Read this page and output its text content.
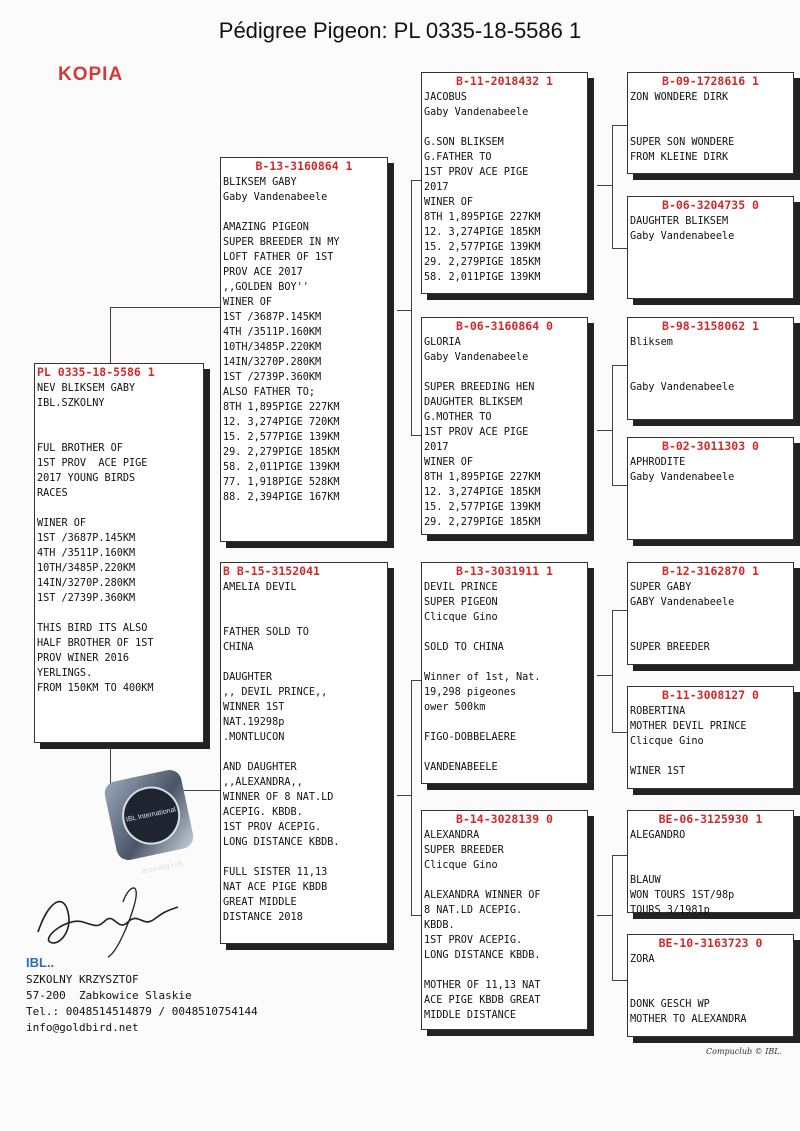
Pédigree Pigeon: PL 0335-18-5586 1
KOPIA
PL 0335-18-5586 1
NEV BLIKSEM GABY
IBL.SZKOLNY

FUL BROTHER OF
1ST PROV  ACE PIGE
2017 YOUNG BIRDS
RACES

WINER OF
1ST /3687P.145KM
4TH /3511P.160KM
10TH/3485P.220KM
14IN/3270P.280KM
1ST /2739P.360KM

THIS BIRD ITS ALSO
HALF BROTHER OF 1ST
PROV WINER 2016
YERLINGS.
FROM 150KM TO 400KM
B-13-3160864 1
BLIKSEM GABY
Gaby Vandenabeele

AMAZING PIGEON
SUPER BREEDER IN MY
LOFT FATHER OF 1ST
PROV ACE 2017
,,GOLDEN BOY''
WINER OF
1ST /3687P.145KM
4TH /3511P.160KM
10TH/3485P.220KM
14IN/3270P.280KM
1ST /2739P.360KM
ALSO FATHER TO;
8TH 1,895PIGE 227KM
12. 3,274PIGE 720KM
15. 2,577PIGE 139KM
29. 2,279PIGE 185KM
58. 2,011PIGE 139KM
77. 1,918PIGE 528KM
88. 2,394PIGE 167KM
B B-15-3152041
AMELIA DEVIL

FATHER SOLD TO
CHINA

DAUGHTER
,, DEVIL PRINCE,,
WINNER 1ST
NAT.19298p
.MONTLUCON

AND DAUGHTER
,,ALEXANDRA,,
WINNER OF 8 NAT.LD
ACEPIG. KBDB.
1ST PROV ACEPIG.
LONG DISTANCE KBDB.

FULL SISTER 11,13
NAT ACE PIGE KBDB
GREAT MIDDLE
DISTANCE 2018
B-11-2018432 1
JACOBUS
Gaby Vandenabeele

G.SON BLIKSEM
G.FATHER TO
1ST PROV ACE PIGE
2017
WINER OF
8TH 1,895PIGE 227KM
12. 3,274PIGE 185KM
15. 2,577PIGE 139KM
29. 2,279PIGE 185KM
58. 2,011PIGE 139KM
B-06-3160864 0
GLORIA
Gaby Vandenabeele

SUPER BREEDING HEN
DAUGHTER BLIKSEM
G.MOTHER TO
1ST PROV ACE PIGE
2017
WINER OF
8TH 1,895PIGE 227KM
12. 3,274PIGE 185KM
15. 2,577PIGE 139KM
29. 2,279PIGE 185KM
B-13-3031911 1
DEVIL PRINCE
SUPER PIGEON
Clicque Gino

SOLD TO CHINA

Winner of 1st, Nat.
19,298 pigeones
ower 500km

FIGO-DOBBELAERE

VANDENABEELE
B-14-3028139 0
ALEXANDRA
SUPER BREEDER
Clicque Gino

ALEXANDRA WINNER OF
8 NAT.LD ACEPIG.
KBDB.
1ST PROV ACEPIG.
LONG DISTANCE KBDB.

MOTHER OF 11,13 NAT
ACE PIGE KBDB GREAT
MIDDLE DISTANCE
B-09-1728616 1
ZON WONDERE DIRK

SUPER SON WONDERE
FROM KLEINE DIRK
B-06-3204735 0
DAUGHTER BLIKSEM
Gaby Vandenabeele
B-98-3158062 1
Bliksem

Gaby Vandenabeele
B-02-3011303 0
APHRODITE
Gaby Vandenabeele
B-12-3162870 1
SUPER GABY
GABY Vandenabeele

SUPER BREEDER
B-11-3008127 0
ROBERTINA
MOTHER DEVIL PRINCE
Clicque Gino

WINER 1ST
BE-06-3125930 1
ALEGANDRO

BLAUW
WON TOURS 1ST/98p
TOURS 3/1981p
BE-10-3163723 0
ZORA

DONK GESCH WP
MOTHER TO ALEXANDRA
IBL International Breeding Loft
IBL..
SZKOLNY KRZYSZTOF
57-200  Zabkowice Slaskie
Tel.: 0048514514879 / 0048510754144
info@goldbird.net
Compuclub © IBL.
